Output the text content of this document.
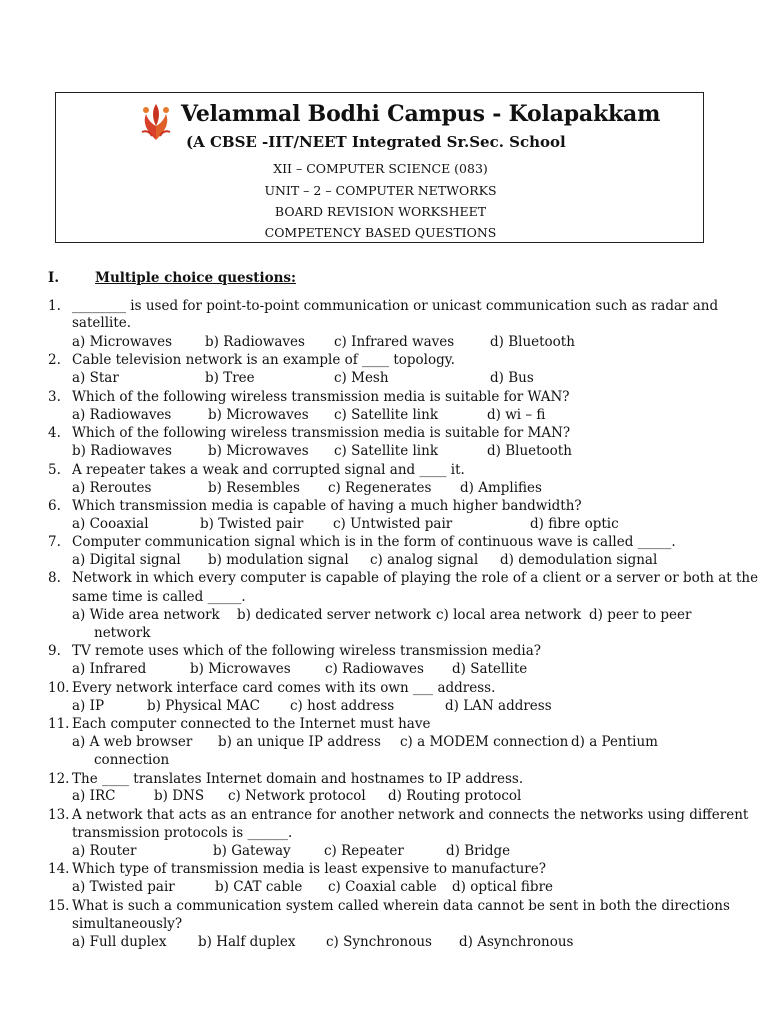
Velammal Bodhi Campus - Kolapakkam
(A CBSE -IIT/NEET Integrated Sr.Sec. School
XII – COMPUTER SCIENCE (083)
UNIT – 2 – COMPUTER NETWORKS
BOARD REVISION WORKSHEET
COMPETENCY BASED QUESTIONS
I.	Multiple choice questions:
1. ________ is used for point-to-point communication or unicast communication such as radar and
satellite.
a) Microwaves b) Radiowaves c) Infrared waves	d) Bluetooth
2. Cable television network is an example of ____ topology.
a) Star	b) Tree	c) Mesh	d) Bus
3. Which of the following wireless transmission media is suitable for WAN?
a) Radiowaves	b) Microwaves c) Satellite link	d) wi – fi
4. Which of the following wireless transmission media is suitable for MAN?
b) Radiowaves	b) Microwaves c) Satellite link	d) Bluetooth
5. A repeater takes a weak and corrupted signal and ____ it.
a) Reroutes	b) Resembles c) Regenerates d) Amplifies
6. Which transmission media is capable of having a much higher bandwidth?
a) Cooaxial	b) Twisted pair c) Untwisted pair	d) fibre optic
7. Computer communication signal which is in the form of continuous wave is called _____.
a) Digital signal b) modulation signal c) analog signal d) demodulation signal
8. Network in which every computer is capable of playing the role of a client or a server or both at the
same time is called _____.
a) Wide area network b) dedicated server network c) local area network d) peer to peer
network
9. TV remote uses which of the following wireless transmission media?
a) Infrared	b) Microwaves	c) Radiowaves d) Satellite
10. Every network interface card comes with its own ___ address.
a) IP	b) Physical MAC c) host address	d) LAN address
11. Each computer connected to the Internet must have
a) A web browser b) an unique IP address c) a MODEM connection d) a Pentium
connection
12. The ____ translates Internet domain and hostnames to IP address.
a) IRC	b) DNS c) Network protocol d) Routing protocol
13. A network that acts as an entrance for another network and connects the networks using different
transmission protocols is ______.
a) Router	b) Gateway c) Repeater	d) Bridge
14. Which type of transmission media is least expensive to manufacture?
a) Twisted pair	b) CAT cable c) Coaxial cable d) optical fibre
15. What is such a communication system called wherein data cannot be sent in both the directions
simultaneously?
a) Full duplex b) Half duplex c) Synchronous d) Asynchronous
